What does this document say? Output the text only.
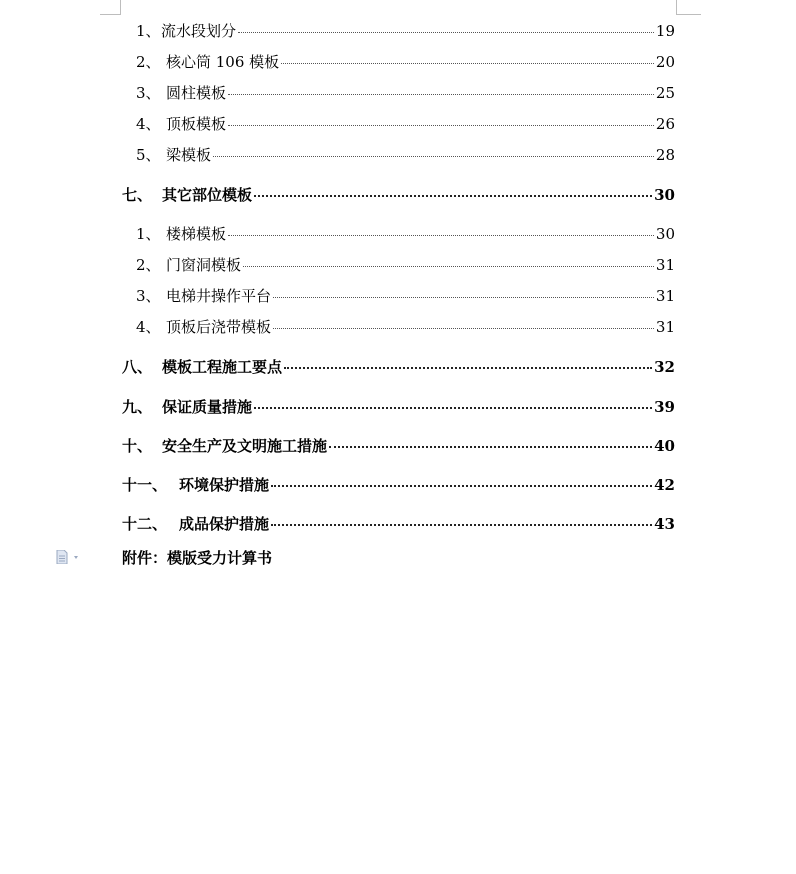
1、 流水段划分	19
2、 核心筒 106 模板	20
3、 圆柱模板	25
4、 顶板模板	26
5、 梁模板	28
七、 其它部位模板	30
1、 楼梯模板	30
2、 门窗洞模板	31
3、 电梯井操作平台	31
4、 顶板后浇带模板	31
八、 模板工程施工要点	32
九、 保证质量措施	39
十、 安全生产及文明施工措施	40
十一、 环境保护措施	42
十二、 成品保护措施	43
附件：模版受力计算书
